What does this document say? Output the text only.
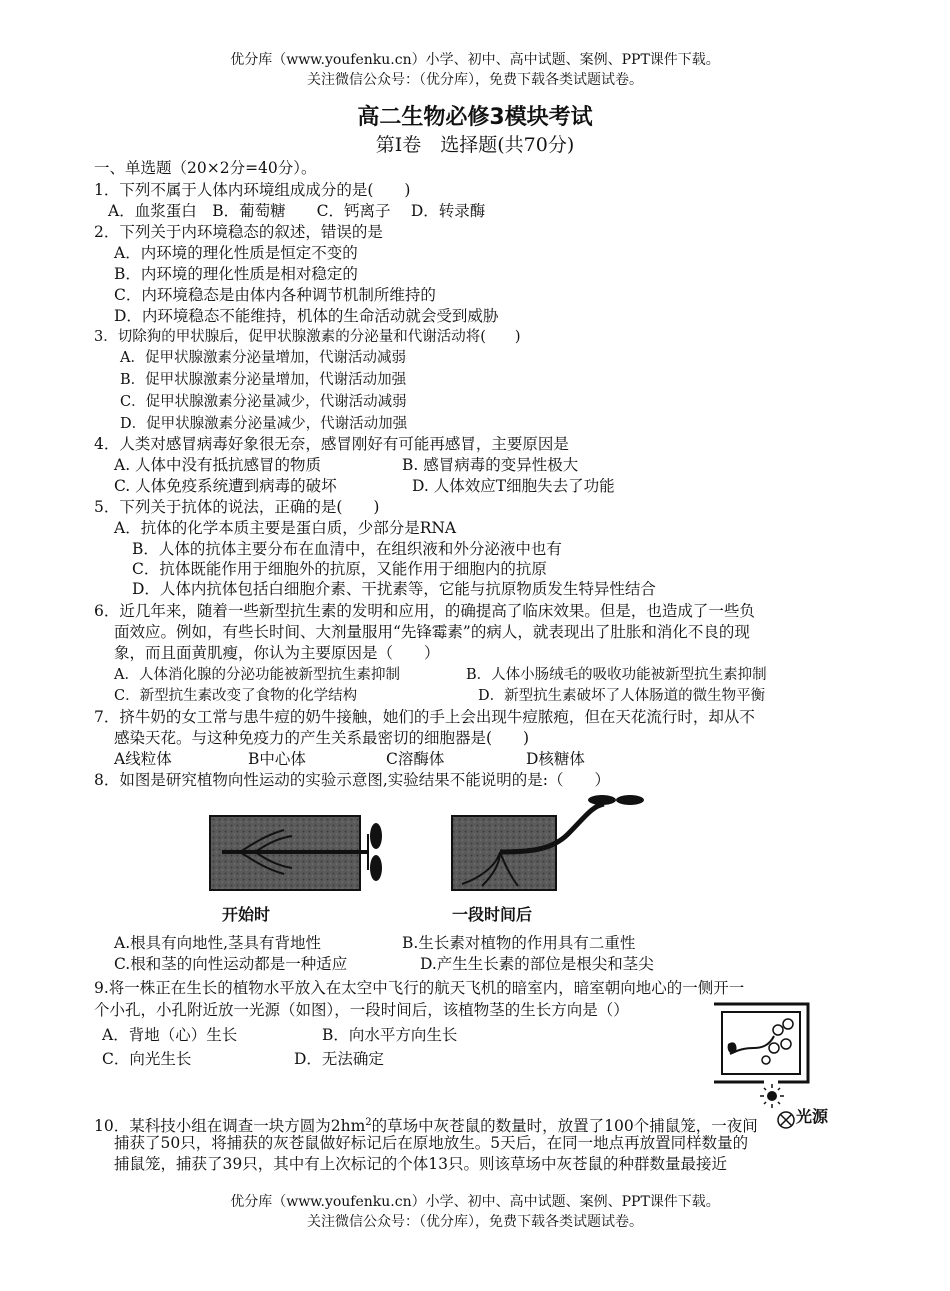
优分库（www.youfenku.cn）小学、初中、高中试题、案例、PPT课件下载。
关注微信公众号：（优分库），免费下载各类试题试卷。
高二生物必修3模块考试
第Ⅰ卷　选择题(共70分)
一、单选题（20×2分=40分）。
1．下列不属于人体内环境组成成分的是(　　)
A．血浆蛋白　B．葡萄糖　　C．钙离子　 D．转录酶
2．下列关于内环境稳态的叙述，错误的是
A．内环境的理化性质是恒定不变的
B．内环境的理化性质是相对稳定的
C．内环境稳态是由体内各种调节机制所维持的
D．内环境稳态不能维持，机体的生命活动就会受到威胁
3．切除狗的甲状腺后，促甲状腺激素的分泌量和代谢活动将(　　)
A．促甲状腺激素分泌量增加，代谢活动减弱
B．促甲状腺激素分泌量增加，代谢活动加强
C．促甲状腺激素分泌量减少，代谢活动减弱
D．促甲状腺激素分泌量减少，代谢活动加强
4．人类对感冒病毒好象很无奈，感冒刚好有可能再感冒，主要原因是
A. 人体中没有抵抗感冒的物质	B. 感冒病毒的变异性极大
C. 人体免疫系统遭到病毒的破坏	D. 人体效应T细胞失去了功能
5．下列关于抗体的说法，正确的是(　　)
A．抗体的化学本质主要是蛋白质，少部分是RNA
B．人体的抗体主要分布在血清中，在组织液和外分泌液中也有
C．抗体既能作用于细胞外的抗原，又能作用于细胞内的抗原
D．人体内抗体包括白细胞介素、干扰素等，它能与抗原物质发生特异性结合
6．近几年来，随着一些新型抗生素的发明和应用，的确提高了临床效果。但是，也造成了一些负
面效应。例如，有些长时间、大剂量服用“先锋霉素”的病人，就表现出了肚胀和消化不良的现
象，而且面黄肌瘦，你认为主要原因是（　　）
A．人体消化腺的分泌功能被新型抗生素抑制	B．人体小肠绒毛的吸收功能被新型抗生素抑制
C．新型抗生素改变了食物的化学结构	D．新型抗生素破坏了人体肠道的微生物平衡
7．挤牛奶的女工常与患牛痘的奶牛接触，她们的手上会出现牛痘脓疱，但在天花流行时，却从不
感染天花。与这种免疫力的产生关系最密切的细胞器是(　　)
A线粒体	B中心体	C溶酶体	D核糖体
8．如图是研究植物向性运动的实验示意图,实验结果不能说明的是:（　　）
开始时	一段时间后
A.根具有向地性,茎具有背地性	B.生长素对植物的作用具有二重性
C.根和茎的向性运动都是一种适应	D.产生生长素的部位是根尖和茎尖
9.将一株正在生长的植物水平放入在太空中飞行的航天飞机的暗室内，暗室朝向地心的一侧开一
个小孔，小孔附近放一光源（如图），一段时间后，该植物茎的生长方向是（）
A．背地（心）生长	B．向水平方向生长
C．向光生长	D．无法确定
光源
10．某科技小组在调查一块方圆为$2hm^2$的草场中灰苍鼠的数量时，放置了100个捕鼠笼，一夜间
捕获了50只，将捕获的灰苍鼠做好标记后在原地放生。5天后，在同一地点再放置同样数量的
捕鼠笼，捕获了39只，其中有上次标记的个体13只。则该草场中灰苍鼠的种群数量最接近
优分库（www.youfenku.cn）小学、初中、高中试题、案例、PPT课件下载。
关注微信公众号：（优分库），免费下载各类试题试卷。
